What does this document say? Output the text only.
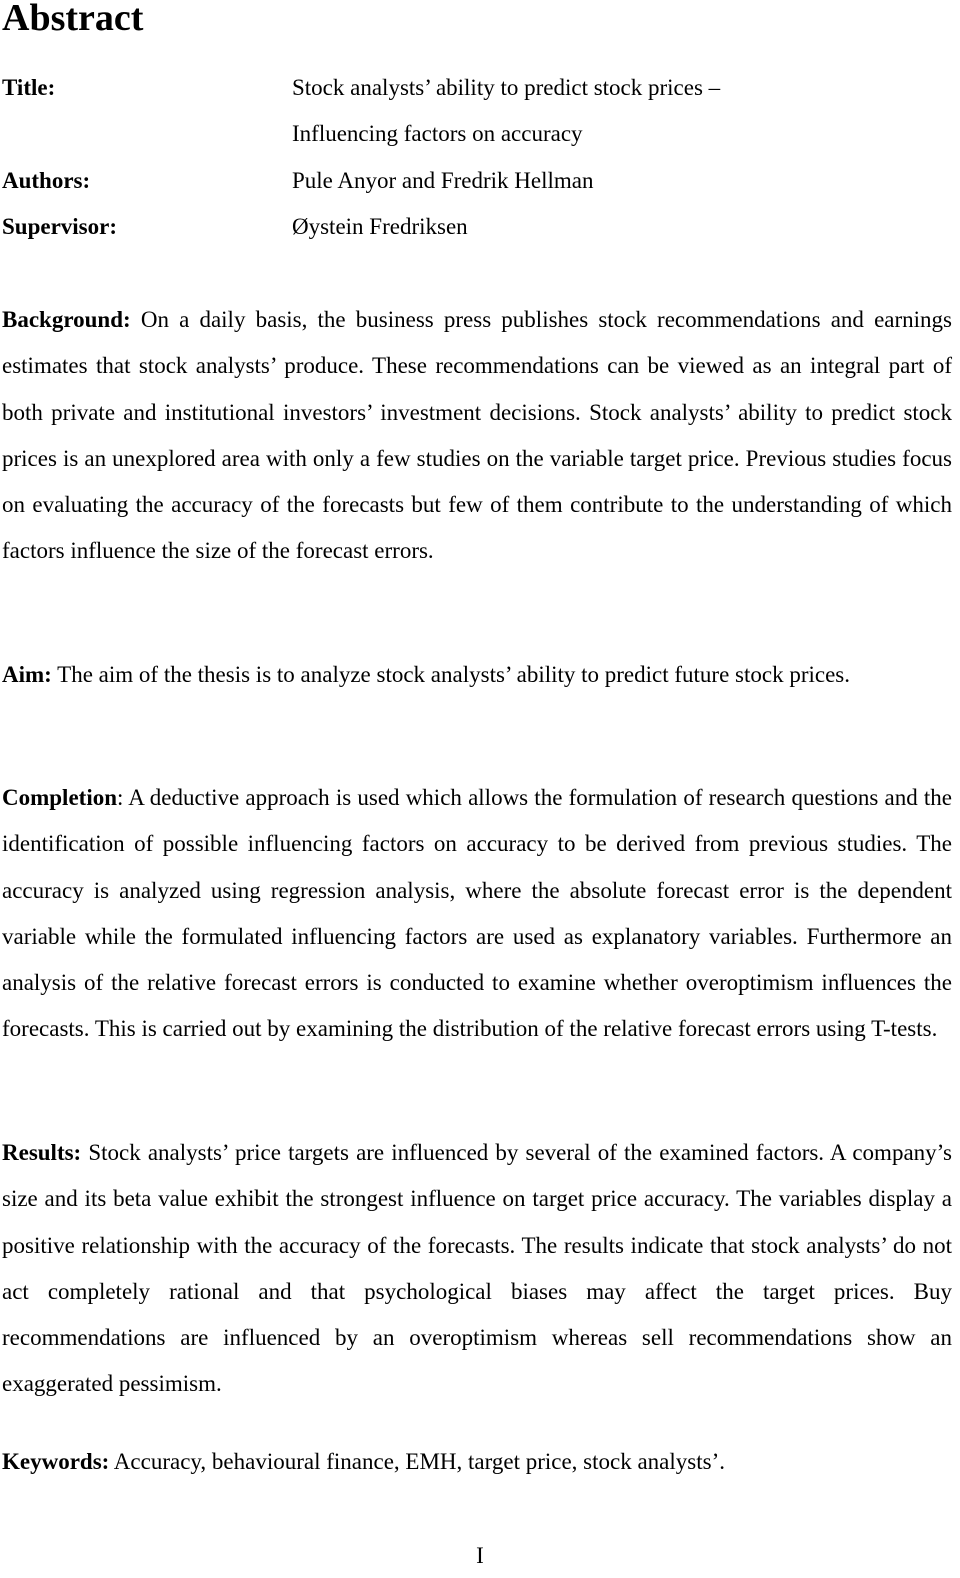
Abstract
Title:	Stock analysts’ ability to predict stock prices –
Influencing factors on accuracy
Authors:	Pule Anyor and Fredrik Hellman
Supervisor:	Øystein Fredriksen

Background: On a daily basis, the business press publishes stock recommendations and earnings estimates that stock analysts’ produce. These recommendations can be viewed as an integral part of both private and institutional investors’ investment decisions. Stock analysts’ ability to predict stock prices is an unexplored area with only a few studies on the variable target price. Previous studies focus on evaluating the accuracy of the forecasts but few of them contribute to the understanding of which factors influence the size of the forecast errors.

Aim: The aim of the thesis is to analyze stock analysts’ ability to predict future stock prices.

Completion: A deductive approach is used which allows the formulation of research questions and the identification of possible influencing factors on accuracy to be derived from previous studies. The accuracy is analyzed using regression analysis, where the absolute forecast error is the dependent variable while the formulated influencing factors are used as explanatory variables. Furthermore an analysis of the relative forecast errors is conducted to examine whether overoptimism influences the forecasts. This is carried out by examining the distribution of the relative forecast errors using T-tests.

Results: Stock analysts’ price targets are influenced by several of the examined factors. A company’s size and its beta value exhibit the strongest influence on target price accuracy. The variables display a positive relationship with the accuracy of the forecasts. The results indicate that stock analysts’ do not act completely rational and that psychological biases may affect the target prices. Buy recommendations are influenced by an overoptimism whereas sell recommendations show an exaggerated pessimism.

Keywords: Accuracy, behavioural finance, EMH, target price, stock analysts’.

I
